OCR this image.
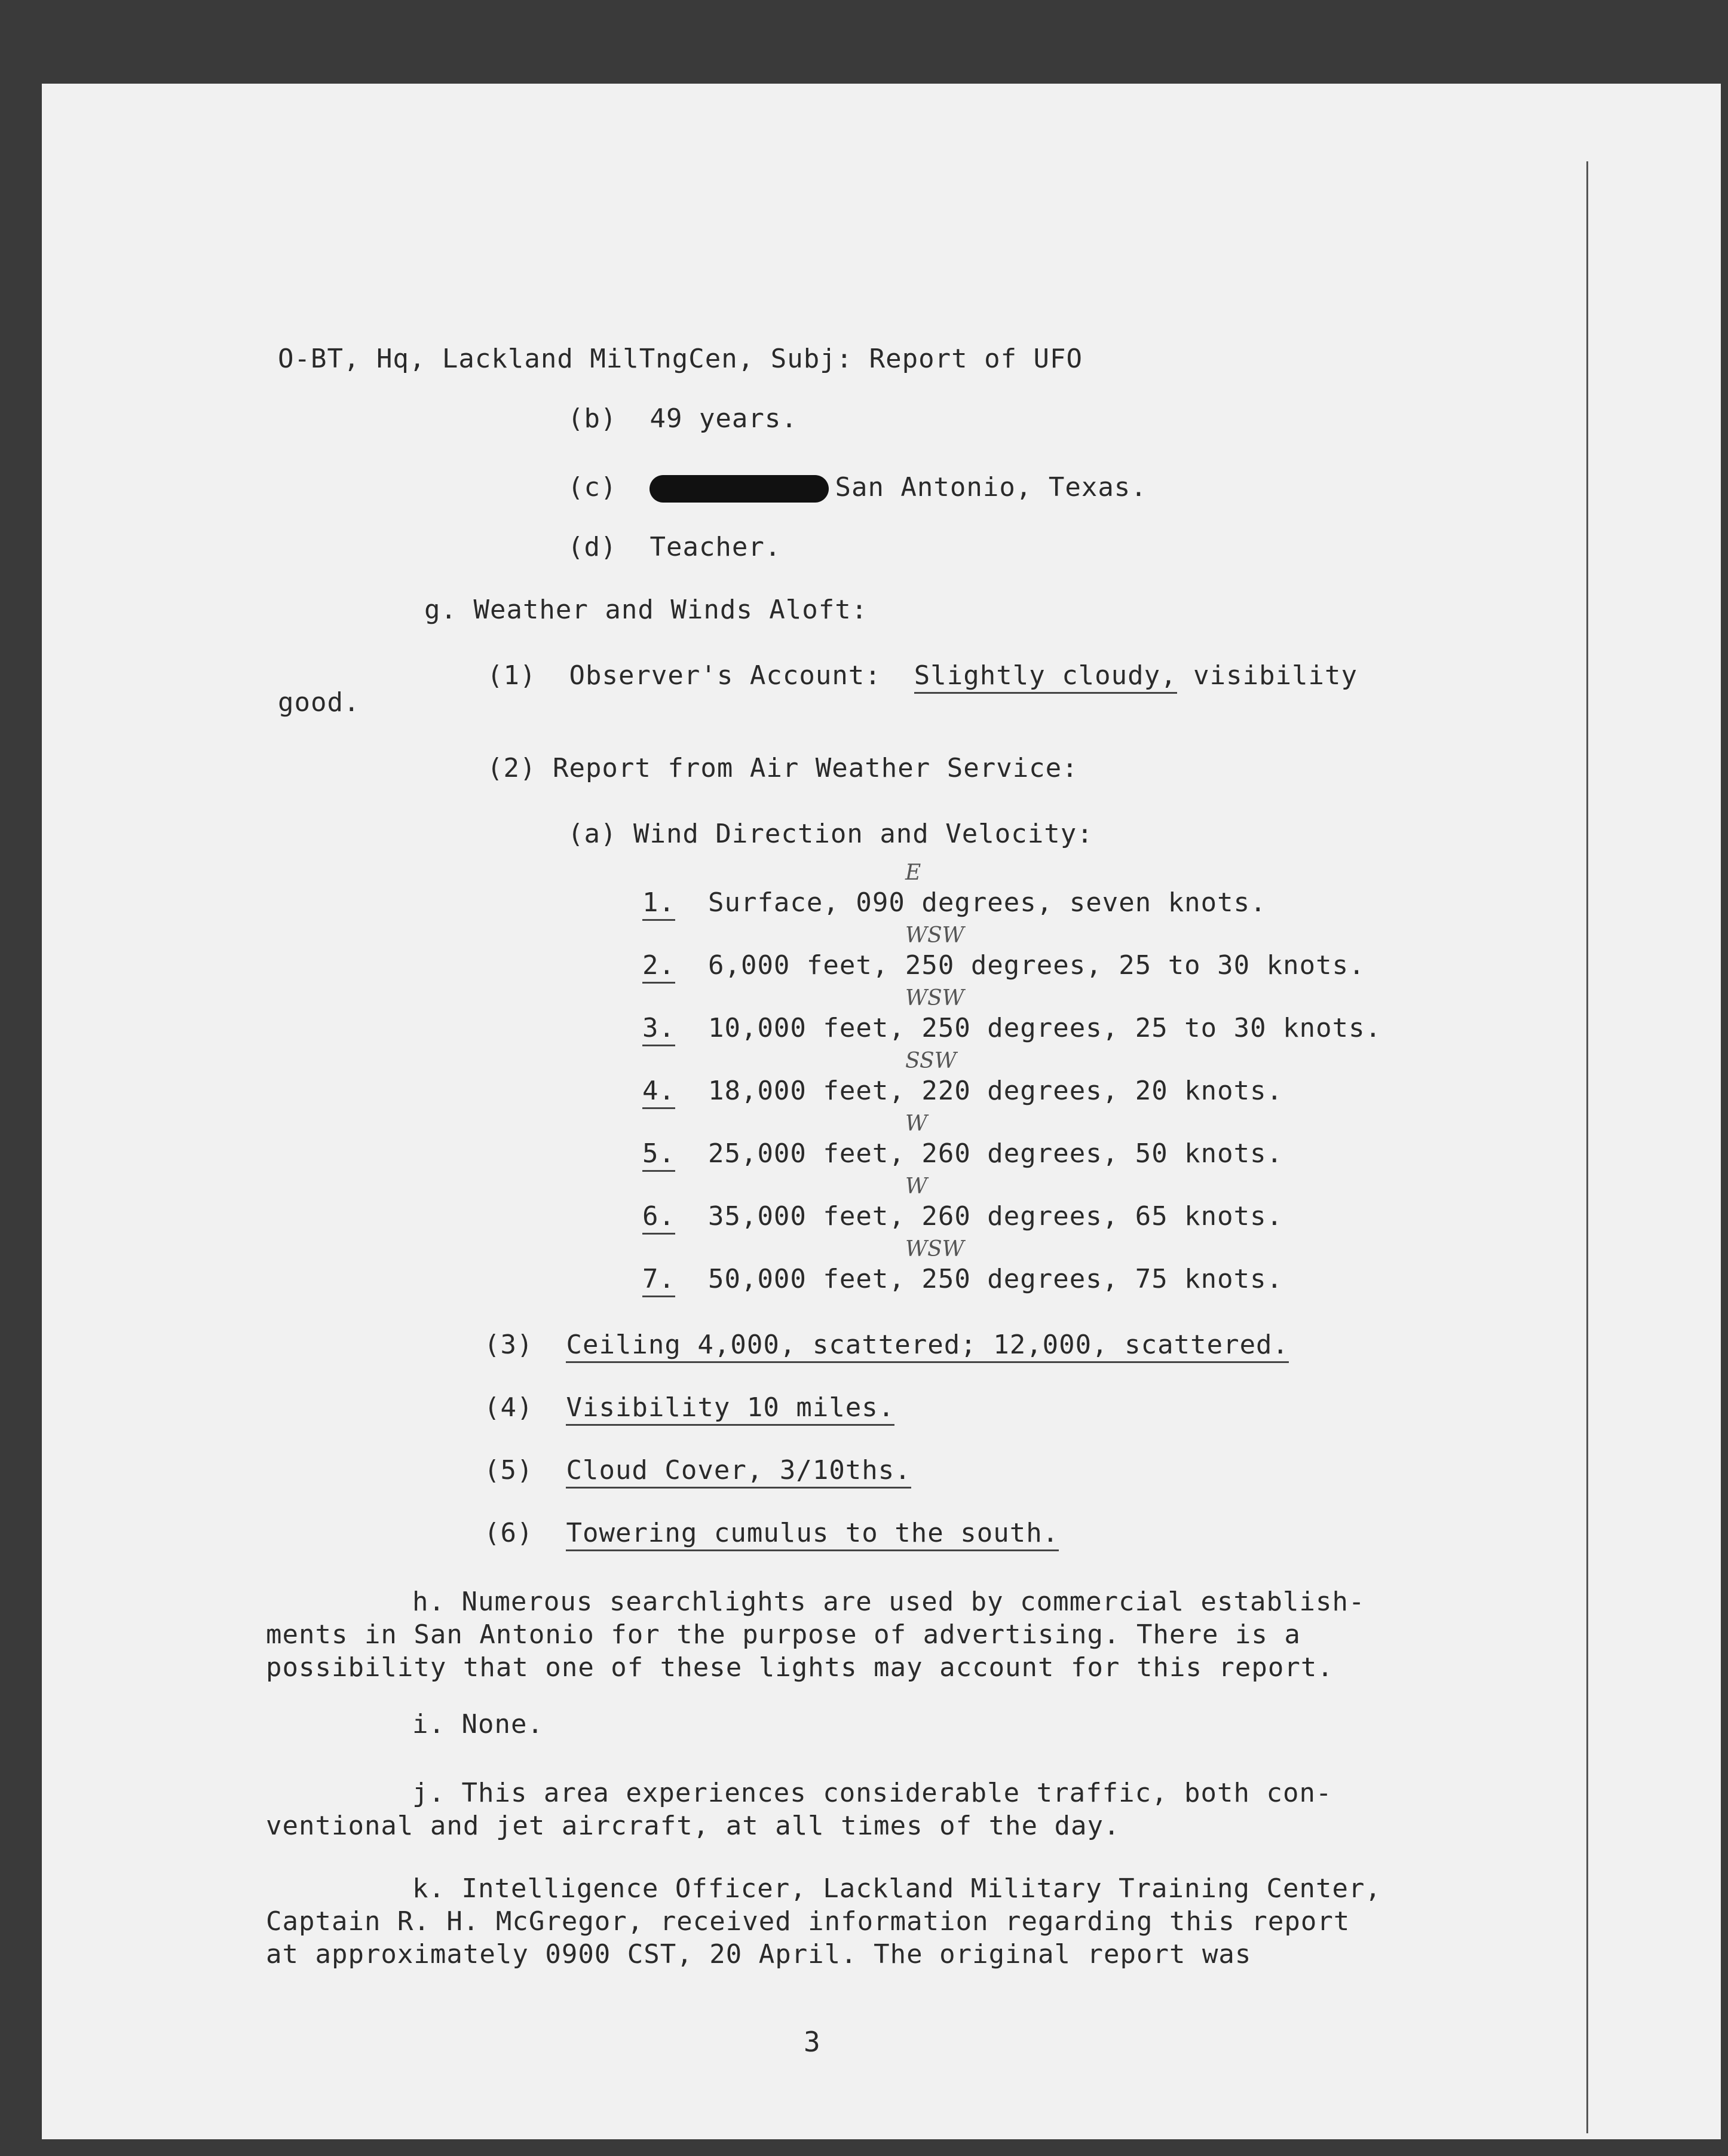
O-BT, Hq, Lackland MilTngCen, Subj: Report of UFO
(b) 49 years.
(c)	San Antonio, Texas.
(d) Teacher.
g. Weather and Winds Aloft:
(1) Observer's Account: Slightly cloudy, visibility
good.
(2) Report from Air Weather Service:
(a) Wind Direction and Velocity:
1. Surface, 090 degrees, seven knots.
E
2. 6,000 feet, 250 degrees, 25 to 30 knots.
WSW
3. 10,000 feet, 250 degrees, 25 to 30 knots.
WSW
4. 18,000 feet, 220 degrees, 20 knots.
SSW
5. 25,000 feet, 260 degrees, 50 knots.
W
6. 35,000 feet, 260 degrees, 65 knots.
W
7. 50,000 feet, 250 degrees, 75 knots.
WSW
(3) Ceiling 4,000, scattered; 12,000, scattered.
(4) Visibility 10 miles.
(5) Cloud Cover, 3/10ths.
(6) Towering cumulus to the south.
h. Numerous searchlights are used by commercial establish-
ments in San Antonio for the purpose of advertising. There is a
possibility that one of these lights may account for this report.
i. None.
j. This area experiences considerable traffic, both con-
ventional and jet aircraft, at all times of the day.
k. Intelligence Officer, Lackland Military Training Center,
Captain R. H. McGregor, received information regarding this report
at approximately 0900 CST, 20 April. The original report was
3
